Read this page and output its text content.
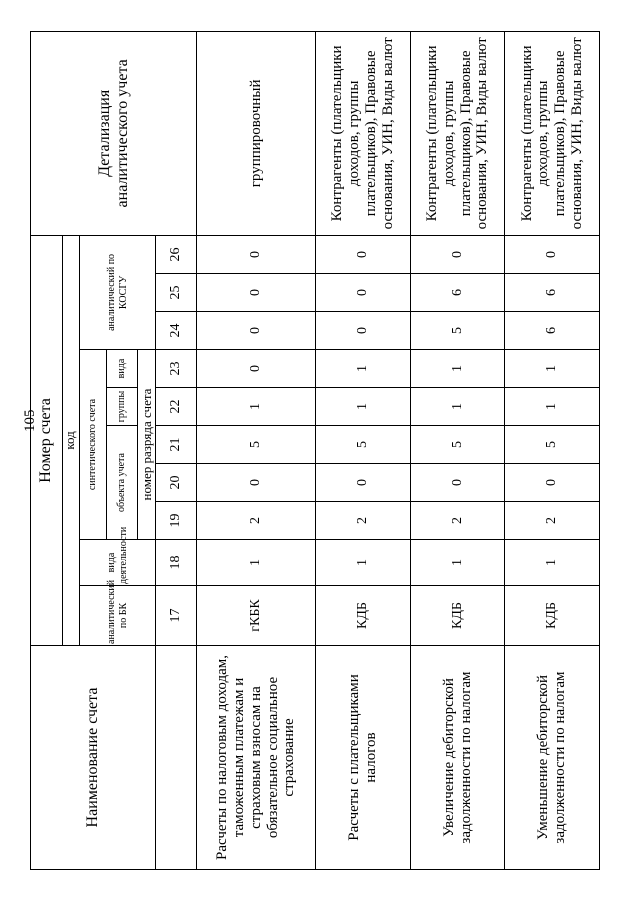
105
Наименование счета	Номер счета										Детализация аналитического учета
	код										
	аналитический по БК	вида деятельности	синтетического счета					аналитический по КОСГУ			
			объекта учета			группы	вида				
			номер разряда счета								
	17	18	19	20	21	22	23	24	25	26	
Расчеты по налоговым доходам, таможенным платежам и страховым взносам на обязательное социальное страхование	гКБК	1	2	0	5	1	0	0	0	0	группировочный
Расчеты с плательщиками налогов	КДБ	1	2	0	5	1	1	0	0	0	Контрагенты (плательщики доходов, группы плательщиков), Правовые основания, УИН, Виды валют
Увеличение дебиторской задолженности по налогам	КДБ	1	2	0	5	1	1	5	6	0	Контрагенты (плательщики доходов, группы плательщиков), Правовые основания, УИН, Виды валют
Уменьшение дебиторской задолженности по налогам	КДБ	1	2	0	5	1	1	6	6	0	Контрагенты (плательщики доходов, группы плательщиков), Правовые основания, УИН, Виды валют
